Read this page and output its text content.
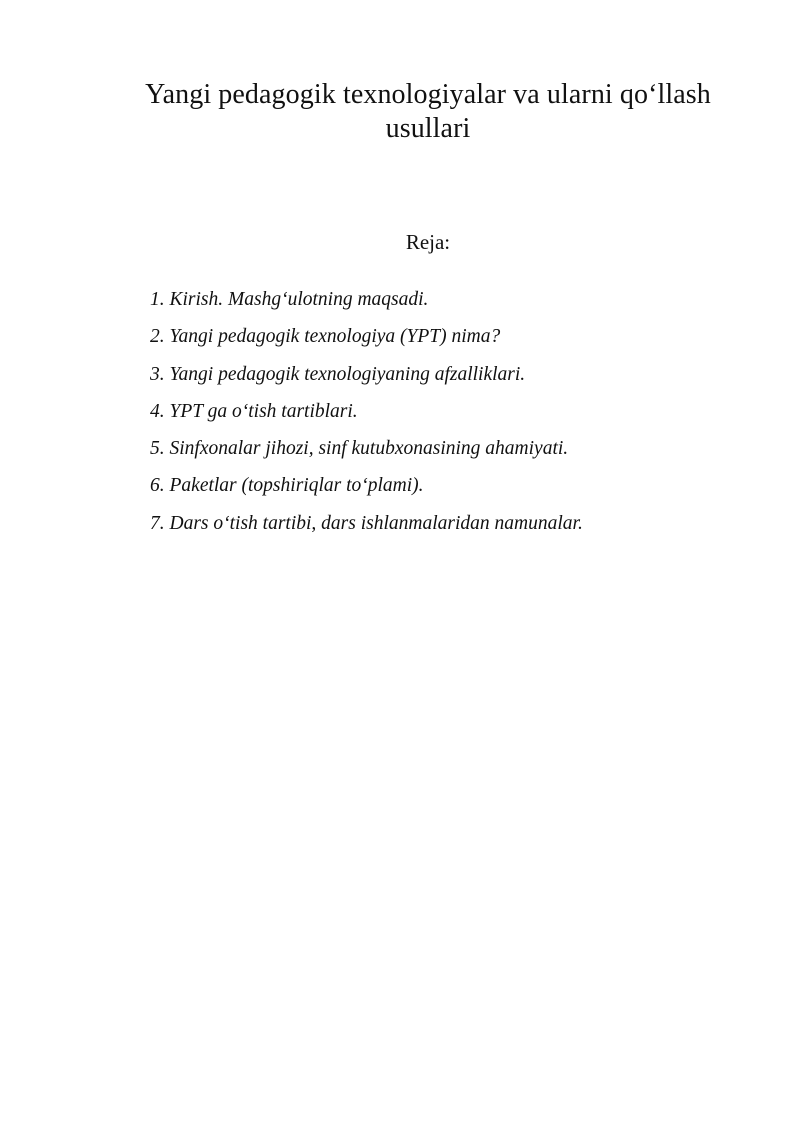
Yangi pedagogik texnologiyalar va ularni qo‘llash usullari
Reja:
1. Kirish. Mashg‘ulotning maqsadi.
2. Yangi pedagogik texnologiya (YPT) nima?
3. Yangi pedagogik texnologiyaning afzalliklari.
4. YPT ga o‘tish tartiblari.
5. Sinfxonalar jihozi, sinf kutubxonasining ahamiyati.
6. Paketlar (topshiriqlar to‘plami).
7. Dars o‘tish tartibi, dars ishlanmalaridan namunalar.
